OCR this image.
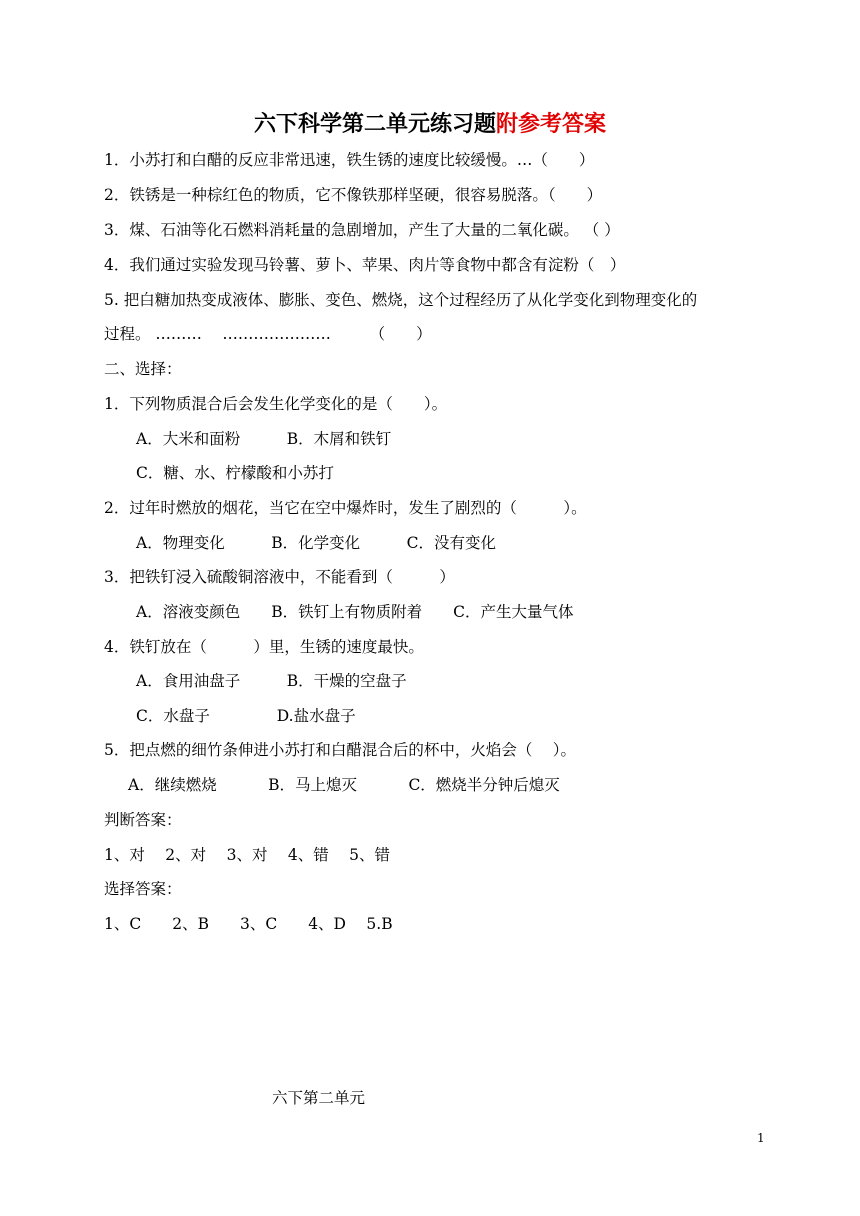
六下科学第二单元练习题附参考答案
1．小苏打和白醋的反应非常迅速，铁生锈的速度比较缓慢。…（　　）
2．铁锈是一种棕红色的物质，它不像铁那样坚硬，很容易脱落。（　　）
3．煤、石油等化石燃料消耗量的急剧增加，产生了大量的二氧化碳。 （ ）
4．我们通过实验发现马铃薯、萝卜、苹果、肉片等食物中都含有淀粉（　）
5. 把白糖加热变成液体、膨胀、变色、燃烧，这个过程经历了从化学变化到物理变化的
过程。 ………　 …………………　　　（　　）
二、选择：
1．下列物质混合后会发生化学变化的是（　　）。
A．大米和面粉　　　B．木屑和铁钉
C．糖、水、柠檬酸和小苏打
2．过年时燃放的烟花，当它在空中爆炸时，发生了剧烈的（　　　）。
A．物理变化　　　B．化学变化　　　C．没有变化
3．把铁钉浸入硫酸铜溶液中，不能看到（　　　）
A．溶液变颜色　　B．铁钉上有物质附着　　C．产生大量气体
4．铁钉放在（　　　）里，生锈的速度最快。
A．食用油盘子　　　B．干燥的空盘子
C．水盘子　　　　 D.盐水盘子
5．把点燃的细竹条伸进小苏打和白醋混合后的杯中，火焰会（　 ）。
A．继续燃烧　　　 B．马上熄灭　　　 C．燃烧半分钟后熄灭
判断答案：
1、对　 2、对　 3、对　 4、错　 5、错
选择答案：
1、C　　2、B　　3、C　　4、D　 5.B
六下第二单元
1
